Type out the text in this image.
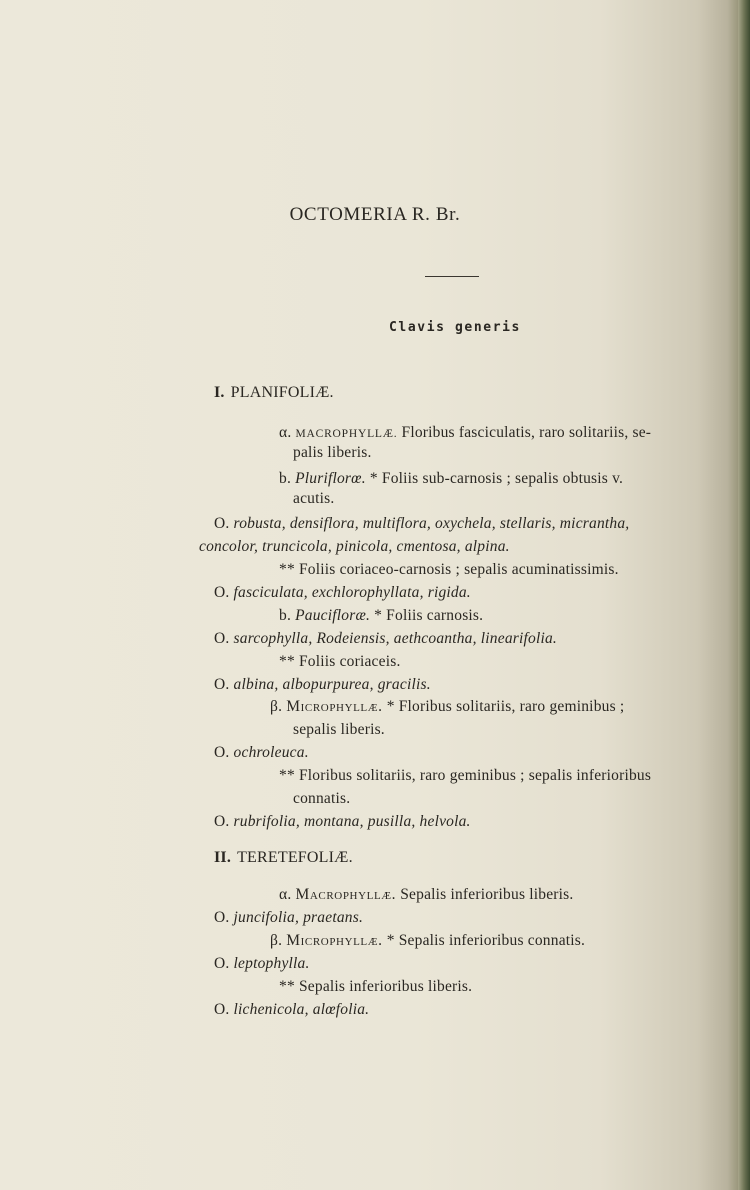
OCTOMERIA R. Br.
Clavis generis
I. PLANIFOLIÆ.
α. MACROPHYLLÆ. Floribus fasciculatis, raro solitariis, se-
palis liberis.
b. Pluriflorœ. * Foliis sub-carnosis ; sepalis obtusis v.
acutis.
O. robusta, densiflora, multiflora, oxychela, stellaris, micrantha,
concolor, truncicola, pinicola, cmentosa, alpina.
** Foliis coriaceo-carnosis ; sepalis acuminatissimis.
O. fasciculata, exchlorophyllata, rigida.
b. Paucifloræ. * Foliis carnosis.
O. sarcophylla, Rodeiensis, aethcoantha, linearifolia.
** Foliis coriaceis.
O. albina, albopurpurea, gracilis.
β. Microphyllæ. * Floribus solitariis, raro geminibus ;
sepalis liberis.
O. ochroleuca.
** Floribus solitariis, raro geminibus ; sepalis inferioribus
connatis.
O. rubrifolia, montana, pusilla, helvola.
II. TERETEFOLIÆ.
α. Macrophyllæ. Sepalis inferioribus liberis.
O. juncifolia, praetans.
β. Microphyllæ. * Sepalis inferioribus connatis.
O. leptophylla.
** Sepalis inferioribus liberis.
O. lichenicola, alœfolia.
